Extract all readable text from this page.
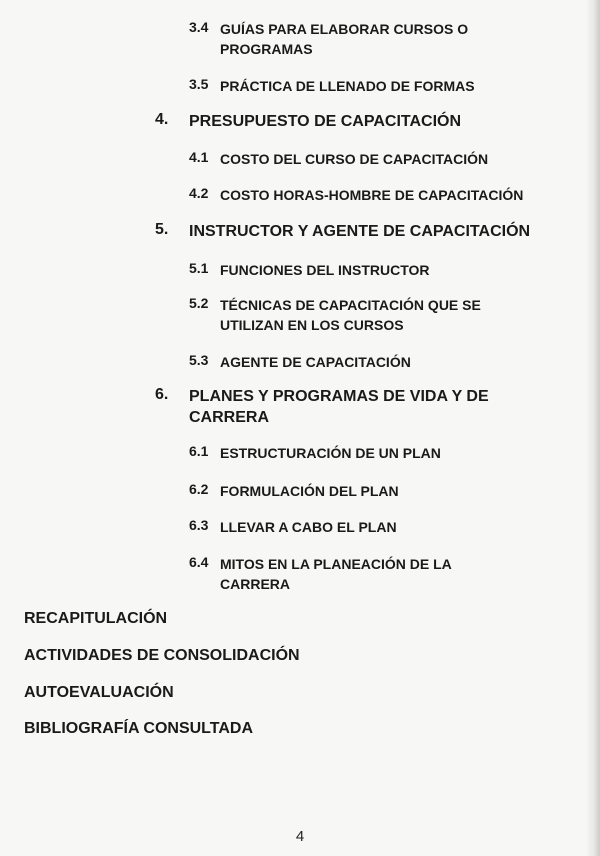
3.4 GUÍAS PARA ELABORAR CURSOS O PROGRAMAS
3.5 PRÁCTICA DE LLENADO DE FORMAS
4. PRESUPUESTO DE CAPACITACIÓN
4.1 COSTO DEL CURSO DE CAPACITACIÓN
4.2 COSTO HORAS-HOMBRE DE CAPACITACIÓN
5. INSTRUCTOR Y AGENTE DE CAPACITACIÓN
5.1 FUNCIONES DEL INSTRUCTOR
5.2 TÉCNICAS DE CAPACITACIÓN QUE SE UTILIZAN EN LOS CURSOS
5.3 AGENTE DE CAPACITACIÓN
6. PLANES Y PROGRAMAS DE VIDA Y DE CARRERA
6.1 ESTRUCTURACIÓN DE UN PLAN
6.2 FORMULACIÓN DEL PLAN
6.3 LLEVAR A CABO EL PLAN
6.4 MITOS EN LA PLANEACIÓN DE LA CARRERA
RECAPITULACIÓN
ACTIVIDADES DE CONSOLIDACIÓN
AUTOEVALUACIÓN
BIBLIOGRAFÍA CONSULTADA
4
